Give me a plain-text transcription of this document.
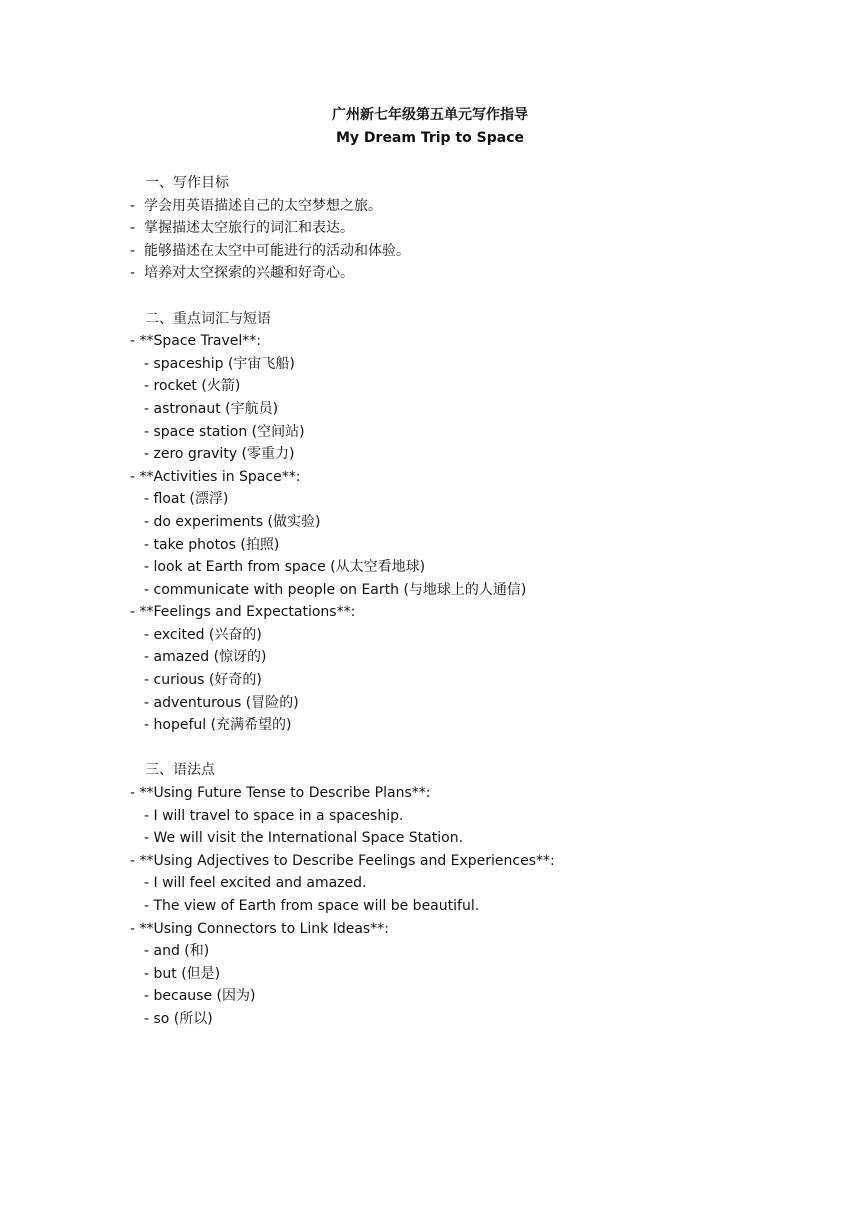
广州新七年级第五单元写作指导
My Dream Trip to Space
一、写作目标
-  学会用英语描述自己的太空梦想之旅。
-  掌握描述太空旅行的词汇和表达。
-  能够描述在太空中可能进行的活动和体验。
-  培养对太空探索的兴趣和好奇心。
二、重点词汇与短语
- **Space Travel**:
- spaceship (宇宙飞船)
- rocket (火箭)
- astronaut (宇航员)
- space station (空间站)
- zero gravity (零重力)
- **Activities in Space**:
- float (漂浮)
- do experiments (做实验)
- take photos (拍照)
- look at Earth from space (从太空看地球)
- communicate with people on Earth (与地球上的人通信)
- **Feelings and Expectations**:
- excited (兴奋的)
- amazed (惊讶的)
- curious (好奇的)
- adventurous (冒险的)
- hopeful (充满希望的)
三、语法点
- **Using Future Tense to Describe Plans**:
- I will travel to space in a spaceship.
- We will visit the International Space Station.
- **Using Adjectives to Describe Feelings and Experiences**:
- I will feel excited and amazed.
- The view of Earth from space will be beautiful.
- **Using Connectors to Link Ideas**:
- and (和)
- but (但是)
- because (因为)
- so (所以)
